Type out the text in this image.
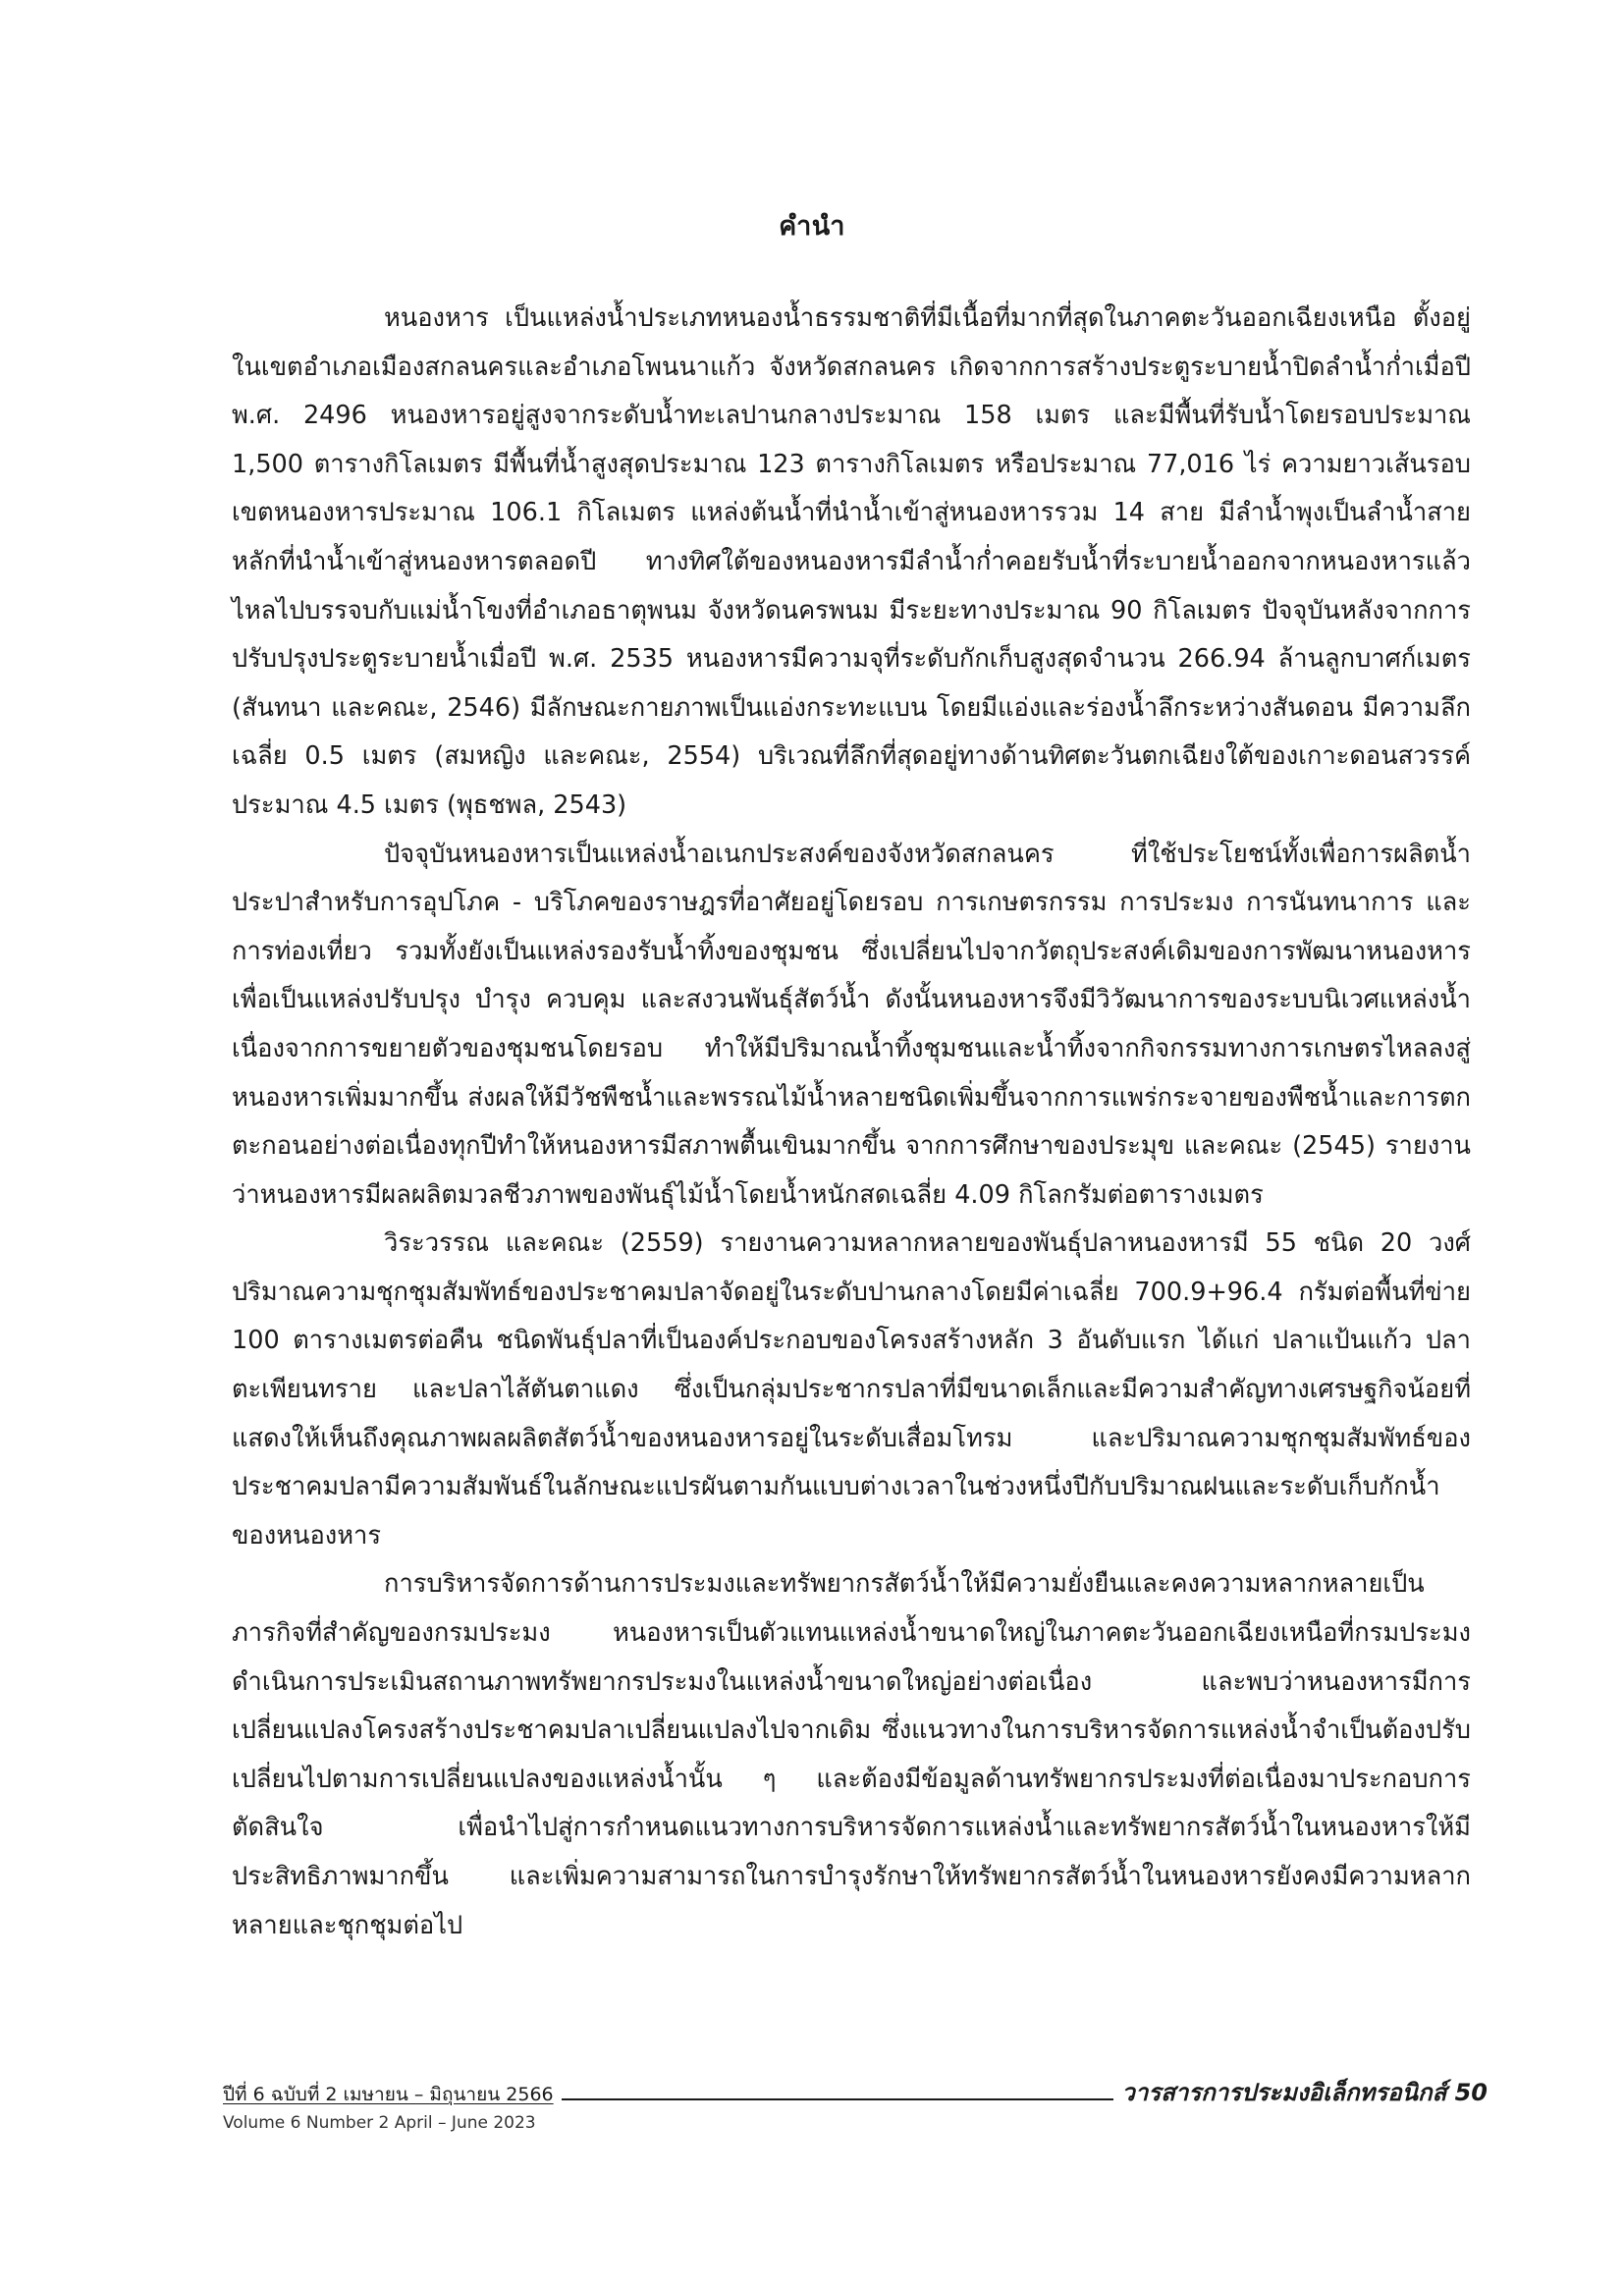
คำนำ

หนองหาร เป็นแหล่งน้ำประเภทหนองน้ำธรรมชาติที่มีเนื้อที่มากที่สุดในภาคตะวันออกเฉียงเหนือ ตั้งอยู่ในเขตอำเภอเมืองสกลนครและอำเภอโพนนาแก้ว จังหวัดสกลนคร เกิดจากการสร้างประตูระบายน้ำปิดลำน้ำก่ำเมื่อปี พ.ศ. 2496 หนองหารอยู่สูงจากระดับน้ำทะเลปานกลางประมาณ 158 เมตร และมีพื้นที่รับน้ำโดยรอบประมาณ 1,500 ตารางกิโลเมตร มีพื้นที่น้ำสูงสุดประมาณ 123 ตารางกิโลเมตร หรือประมาณ 77,016 ไร่ ความยาวเส้นรอบเขตหนองหารประมาณ 106.1 กิโลเมตร แหล่งต้นน้ำที่นำน้ำเข้าสู่หนองหารรวม 14 สาย มีลำน้ำพุงเป็นลำน้ำสายหลักที่นำน้ำเข้าสู่หนองหารตลอดปี ทางทิศใต้ของหนองหารมีลำน้ำก่ำคอยรับน้ำที่ระบายน้ำออกจากหนองหารแล้วไหลไปบรรจบกับแม่น้ำโขงที่อำเภอธาตุพนม จังหวัดนครพนม มีระยะทางประมาณ 90 กิโลเมตร ปัจจุบันหลังจากการปรับปรุงประตูระบายน้ำเมื่อปี พ.ศ. 2535 หนองหารมีความจุที่ระดับกักเก็บสูงสุดจำนวน 266.94 ล้านลูกบาศก์เมตร (สันทนา และคณะ, 2546) มีลักษณะกายภาพเป็นแอ่งกระทะแบน โดยมีแอ่งและร่องน้ำลึกระหว่างสันดอน มีความลึกเฉลี่ย 0.5 เมตร (สมหญิง และคณะ, 2554) บริเวณที่ลึกที่สุดอยู่ทางด้านทิศตะวันตกเฉียงใต้ของเกาะดอนสวรรค์ประมาณ 4.5 เมตร (พุธชพล, 2543)

ปัจจุบันหนองหารเป็นแหล่งน้ำอเนกประสงค์ของจังหวัดสกลนคร ที่ใช้ประโยชน์ทั้งเพื่อการผลิตน้ำประปาสำหรับการอุปโภค - บริโภคของราษฎรที่อาศัยอยู่โดยรอบ การเกษตรกรรม การประมง การนันทนาการ และการท่องเที่ยว รวมทั้งยังเป็นแหล่งรองรับน้ำทิ้งของชุมชน ซึ่งเปลี่ยนไปจากวัตถุประสงค์เดิมของการพัฒนาหนองหารเพื่อเป็นแหล่งปรับปรุง บำรุง ควบคุม และสงวนพันธุ์สัตว์น้ำ ดังนั้นหนองหารจึงมีวิวัฒนาการของระบบนิเวศแหล่งน้ำเนื่องจากการขยายตัวของชุมชนโดยรอบ ทำให้มีปริมาณน้ำทิ้งชุมชนและน้ำทิ้งจากกิจกรรมทางการเกษตรไหลลงสู่หนองหารเพิ่มมากขึ้น ส่งผลให้มีวัชพืชน้ำและพรรณไม้น้ำหลายชนิดเพิ่มขึ้นจากการแพร่กระจายของพืชน้ำและการตกตะกอนอย่างต่อเนื่องทุกปีทำให้หนองหารมีสภาพตื้นเขินมากขึ้น จากการศึกษาของประมุข และคณะ (2545) รายงานว่าหนองหารมีผลผลิตมวลชีวภาพของพันธุ์ไม้น้ำโดยน้ำหนักสดเฉลี่ย 4.09 กิโลกรัมต่อตารางเมตร

วิระวรรณ และคณะ (2559) รายงานความหลากหลายของพันธุ์ปลาหนองหารมี 55 ชนิด 20 วงศ์ ปริมาณความชุกชุมสัมพัทธ์ของประชาคมปลาจัดอยู่ในระดับปานกลางโดยมีค่าเฉลี่ย 700.9+96.4 กรัมต่อพื้นที่ข่าย 100 ตารางเมตรต่อคืน ชนิดพันธุ์ปลาที่เป็นองค์ประกอบของโครงสร้างหลัก 3 อันดับแรก ได้แก่ ปลาแป้นแก้ว ปลาตะเพียนทราย และปลาไส้ตันตาแดง ซึ่งเป็นกลุ่มประชากรปลาที่มีขนาดเล็กและมีความสำคัญทางเศรษฐกิจน้อยที่แสดงให้เห็นถึงคุณภาพผลผลิตสัตว์น้ำของหนองหารอยู่ในระดับเสื่อมโทรม และปริมาณความชุกชุมสัมพัทธ์ของประชาคมปลามีความสัมพันธ์ในลักษณะแปรผันตามกันแบบต่างเวลาในช่วงหนึ่งปีกับปริมาณฝนและระดับเก็บกักน้ำของหนองหาร

การบริหารจัดการด้านการประมงและทรัพยากรสัตว์น้ำให้มีความยั่งยืนและคงความหลากหลายเป็นภารกิจที่สำคัญของกรมประมง หนองหารเป็นตัวแทนแหล่งน้ำขนาดใหญ่ในภาคตะวันออกเฉียงเหนือที่กรมประมงดำเนินการประเมินสถานภาพทรัพยากรประมงในแหล่งน้ำขนาดใหญ่อย่างต่อเนื่อง และพบว่าหนองหารมีการเปลี่ยนแปลงโครงสร้างประชาคมปลาเปลี่ยนแปลงไปจากเดิม ซึ่งแนวทางในการบริหารจัดการแหล่งน้ำจำเป็นต้องปรับเปลี่ยนไปตามการเปลี่ยนแปลงของแหล่งน้ำนั้น ๆ และต้องมีข้อมูลด้านทรัพยากรประมงที่ต่อเนื่องมาประกอบการตัดสินใจ เพื่อนำไปสู่การกำหนดแนวทางการบริหารจัดการแหล่งน้ำและทรัพยากรสัตว์น้ำในหนองหารให้มีประสิทธิภาพมากขึ้น และเพิ่มความสามารถในการบำรุงรักษาให้ทรัพยากรสัตว์น้ำในหนองหารยังคงมีความหลากหลายและชุกชุมต่อไป

ปีที่ 6 ฉบับที่ 2 เมษายน – มิถุนายน 2566	วารสารการประมงอิเล็กทรอนิกส์ 50
Volume 6 Number 2 April – June 2023
